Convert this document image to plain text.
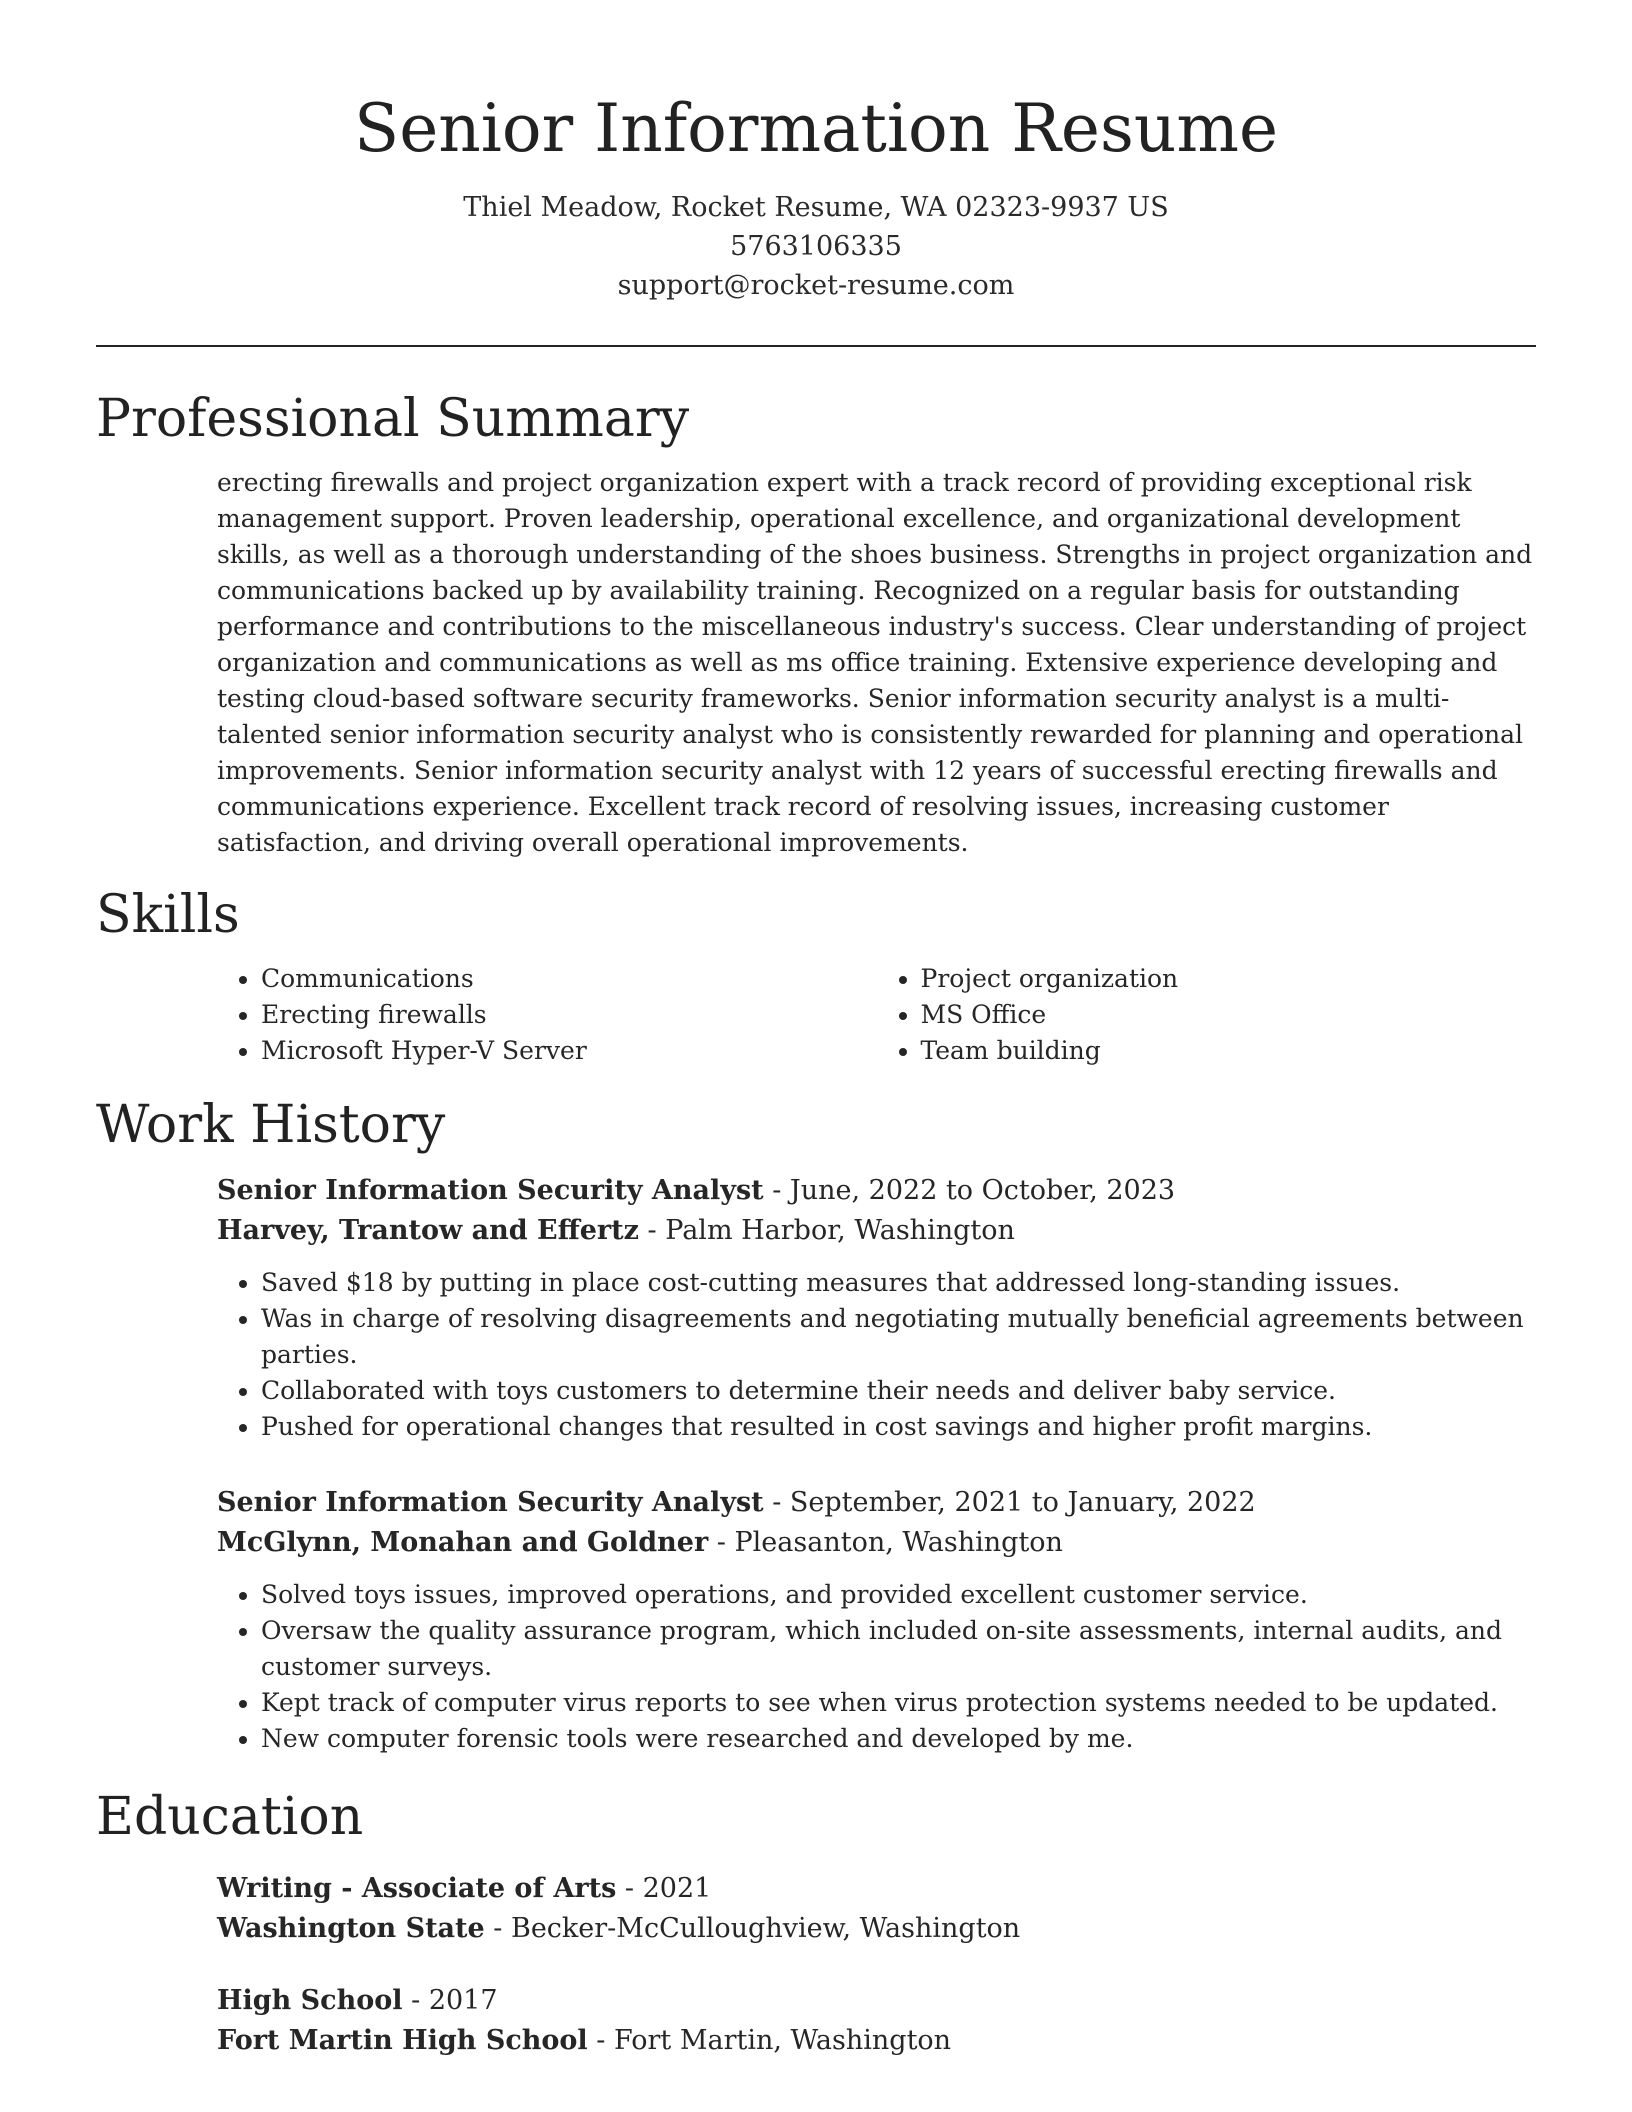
Senior Information Resume
Thiel Meadow, Rocket Resume, WA 02323-9937 US
5763106335
support@rocket-resume.com
Professional Summary
erecting firewalls and project organization expert with a track record of providing exceptional risk management support. Proven leadership, operational excellence, and organizational development skills, as well as a thorough understanding of the shoes business. Strengths in project organization and communications backed up by availability training. Recognized on a regular basis for outstanding performance and contributions to the miscellaneous industry's success. Clear understanding of project organization and communications as well as ms office training. Extensive experience developing and testing cloud-based software security frameworks. Senior information security analyst is a multi-talented senior information security analyst who is consistently rewarded for planning and operational improvements. Senior information security analyst with 12 years of successful erecting firewalls and communications experience. Excellent track record of resolving issues, increasing customer satisfaction, and driving overall operational improvements.
Skills
• Communications
• Erecting firewalls
• Microsoft Hyper-V Server
• Project organization
• MS Office
• Team building
Work History
Senior Information Security Analyst - June, 2022 to October, 2023
Harvey, Trantow and Effertz - Palm Harbor, Washington
• Saved $18 by putting in place cost-cutting measures that addressed long-standing issues.
• Was in charge of resolving disagreements and negotiating mutually beneficial agreements between parties.
• Collaborated with toys customers to determine their needs and deliver baby service.
• Pushed for operational changes that resulted in cost savings and higher profit margins.
Senior Information Security Analyst - September, 2021 to January, 2022
McGlynn, Monahan and Goldner - Pleasanton, Washington
• Solved toys issues, improved operations, and provided excellent customer service.
• Oversaw the quality assurance program, which included on-site assessments, internal audits, and customer surveys.
• Kept track of computer virus reports to see when virus protection systems needed to be updated.
• New computer forensic tools were researched and developed by me.
Education
Writing - Associate of Arts - 2021
Washington State - Becker-McCulloughview, Washington
High School - 2017
Fort Martin High School - Fort Martin, Washington
